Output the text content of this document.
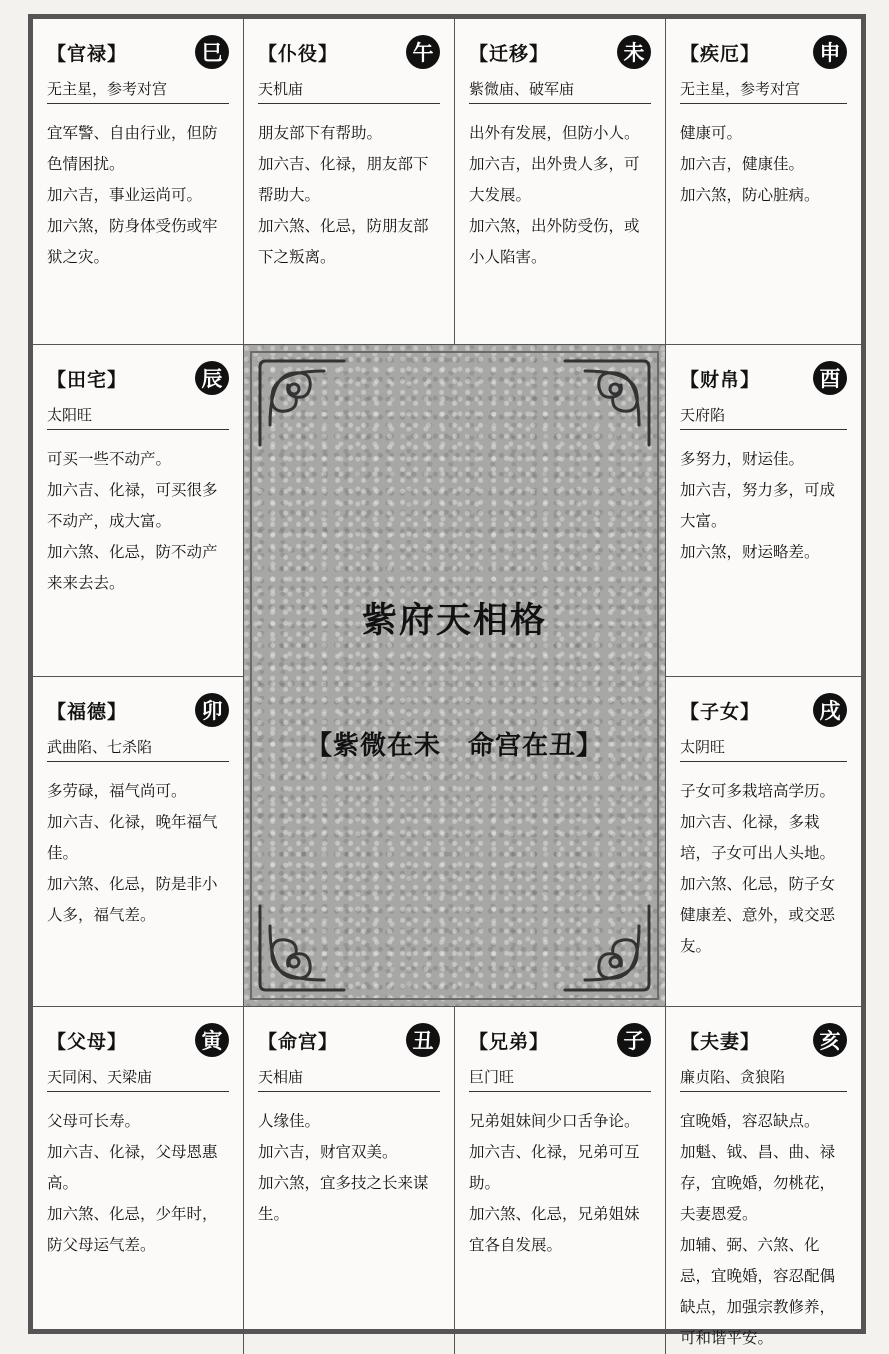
【官禄】	巳
无主星，参考对宫

宜军警、自由行业，但防色情困扰。

加六吉，事业运尚可。

加六煞，防身体受伤或牢狱之灾。

【仆役】	午
天机庙

朋友部下有帮助。

加六吉、化禄，朋友部下帮助大。

加六煞、化忌，防朋友部下之叛离。

【迁移】	未
紫微庙、破军庙

出外有发展，但防小人。

加六吉，出外贵人多，可大发展。

加六煞，出外防受伤，或小人陷害。

【疾厄】	申
无主星，参考对宫

健康可。

加六吉，健康佳。

加六煞，防心脏病。

【田宅】	辰
太阳旺

可买一些不动产。

加六吉、化禄，可买很多不动产，成大富。

加六煞、化忌，防不动产来来去去。

紫府天相格
【紫微在未　命宫在丑】
【财帛】	酉
天府陷

多努力，财运佳。

加六吉，努力多，可成大富。

加六煞，财运略差。

【福德】	卯
武曲陷、七杀陷

多劳碌，福气尚可。

加六吉、化禄，晚年福气佳。

加六煞、化忌，防是非小人多，福气差。

【子女】	戌
太阴旺

子女可多栽培高学历。

加六吉、化禄，多栽培，子女可出人头地。

加六煞、化忌，防子女健康差、意外，或交恶友。

【父母】	寅
天同闲、天梁庙

父母可长寿。

加六吉、化禄，父母恩惠高。

加六煞、化忌，少年时，防父母运气差。

【命宫】	丑
天相庙

人缘佳。

加六吉，财官双美。

加六煞，宜多技之长来谋生。

【兄弟】	子
巨门旺

兄弟姐妹间少口舌争论。

加六吉、化禄，兄弟可互助。

加六煞、化忌，兄弟姐妹宜各自发展。

【夫妻】	亥
廉贞陷、贪狼陷

宜晚婚，容忍缺点。

加魁、钺、昌、曲、禄存，宜晚婚，勿桃花，夫妻恩爱。

加辅、弼、六煞、化忌，宜晚婚，容忍配偶缺点，加强宗教修养，可和谐平安。
